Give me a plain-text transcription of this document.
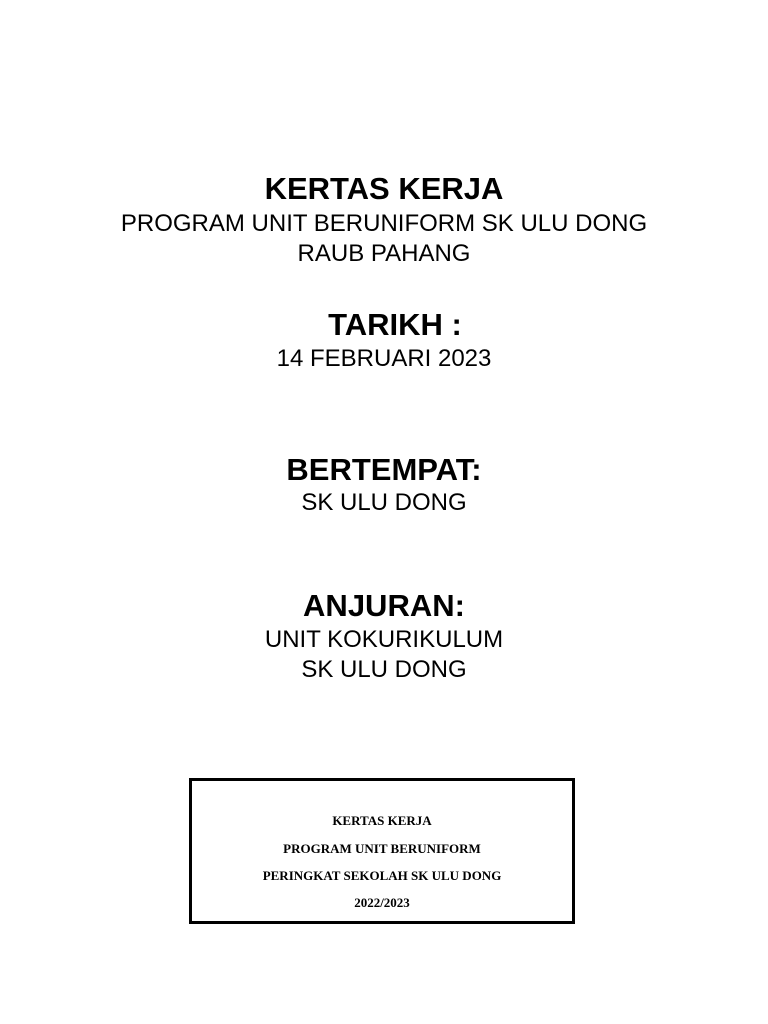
KERTAS KERJA
PROGRAM UNIT BERUNIFORM SK ULU DONG
RAUB PAHANG
TARIKH :
14 FEBRUARI 2023
BERTEMPAT:
SK ULU DONG
ANJURAN:
UNIT KOKURIKULUM
SK ULU DONG
KERTAS KERJA
PROGRAM UNIT BERUNIFORM
PERINGKAT SEKOLAH SK ULU DONG
2022/2023
